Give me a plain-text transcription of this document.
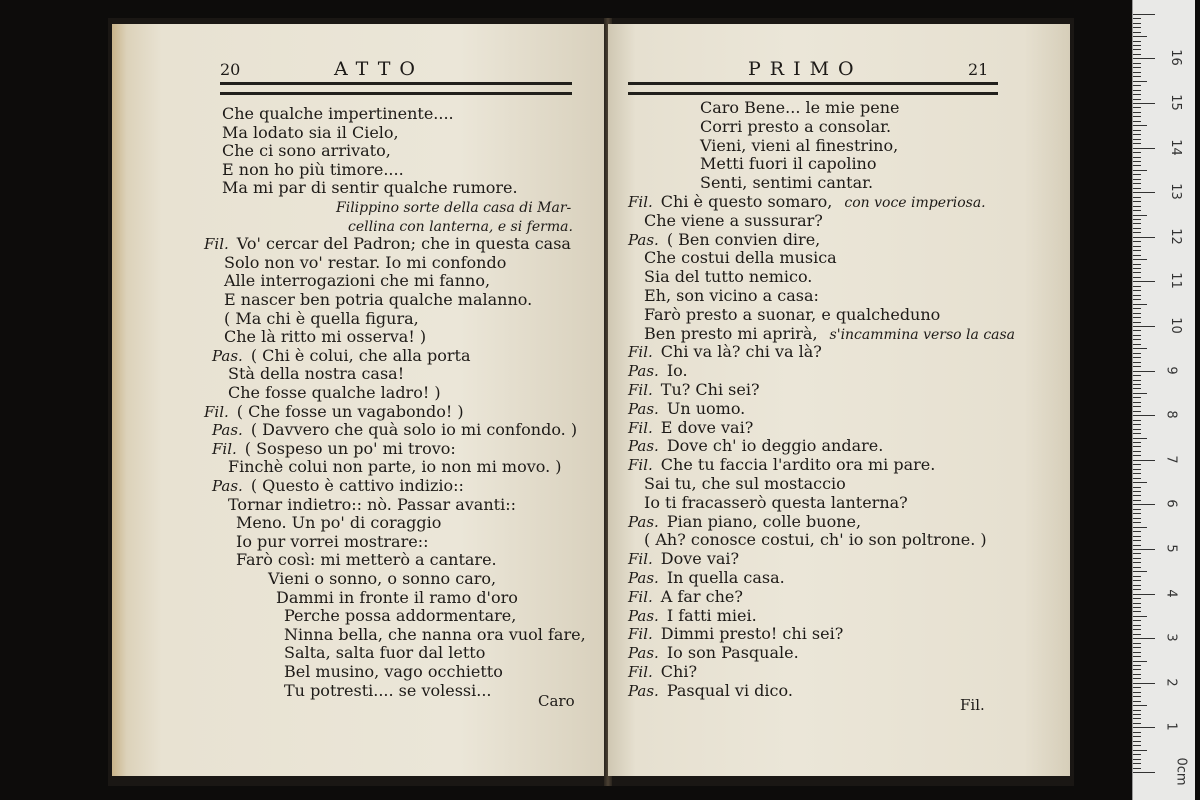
20	ATTO
Che qualche impertinente....
Ma lodato sia il Cielo,
Che ci sono arrivato,
E non ho più timore....
Ma mi par di sentir qualche rumore.
Filippino sorte della casa di Mar-
cellina con lanterna, e si ferma.
Fil. Vo' cercar del Padron; che in questa casa
Solo non vo' restar. Io mi confondo
Alle interrogazioni che mi fanno,
E nascer ben potria qualche malanno.
( Ma chi è quella figura,
Che là ritto mi osserva! )
Pas. ( Chi è colui, che alla porta
Stà della nostra casa!
Che fosse qualche ladro! )
Fil. ( Che fosse un vagabondo! )
Pas. ( Davvero che quà solo io mi confondo. )
Fil. ( Sospeso un po' mi trovo:
Finchè colui non parte, io non mi movo. )
Pas. ( Questo è cattivo indizio::
Tornar indietro:: nò. Passar avanti::
Meno. Un po' di coraggio
Io pur vorrei mostrare::
Farò così: mi metterò a cantare.
Vieni o sonno, o sonno caro,
Dammi in fronte il ramo d'oro
Perche possa addormentare,
Ninna bella, che nanna ora vuol fare,
Salta, salta fuor dal letto
Bel musino, vago occhietto
Tu potresti.... se volessi...
Caro
PRIMO	21
Caro Bene... le mie pene
Corri presto a consolar.
Vieni, vieni al finestrino,
Metti fuori il capolino
Senti, sentimi cantar.
Fil. Chi è questo somaro, con voce imperiosa.
Che viene a sussurar?
Pas. ( Ben convien dire,
Che costui della musica
Sia del tutto nemico.
Eh, son vicino a casa:
Farò presto a suonar, e qualcheduno
Ben presto mi aprirà, s'incammina verso la casa
Fil. Chi va là? chi va là?
Pas. Io.
Fil. Tu? Chi sei?
Pas. Un uomo.
Fil. E dove vai?
Pas. Dove ch' io deggio andare.
Fil. Che tu faccia l'ardito ora mi pare.
Sai tu, che sul mostaccio
Io ti fracasserò questa lanterna?
Pas. Pian piano, colle buone,
( Ah? conosce costui, ch' io son poltrone. )
Fil. Dove vai?
Pas. In quella casa.
Fil. A far che?
Pas. I fatti miei.
Fil. Dimmi presto! chi sei?
Pas. Io son Pasquale.
Fil. Chi?
Pas. Pasqual vi dico.
Fil.
0cm
1
2
3
4
5
6
7
8
9
10
11
12
13
14
15
16
